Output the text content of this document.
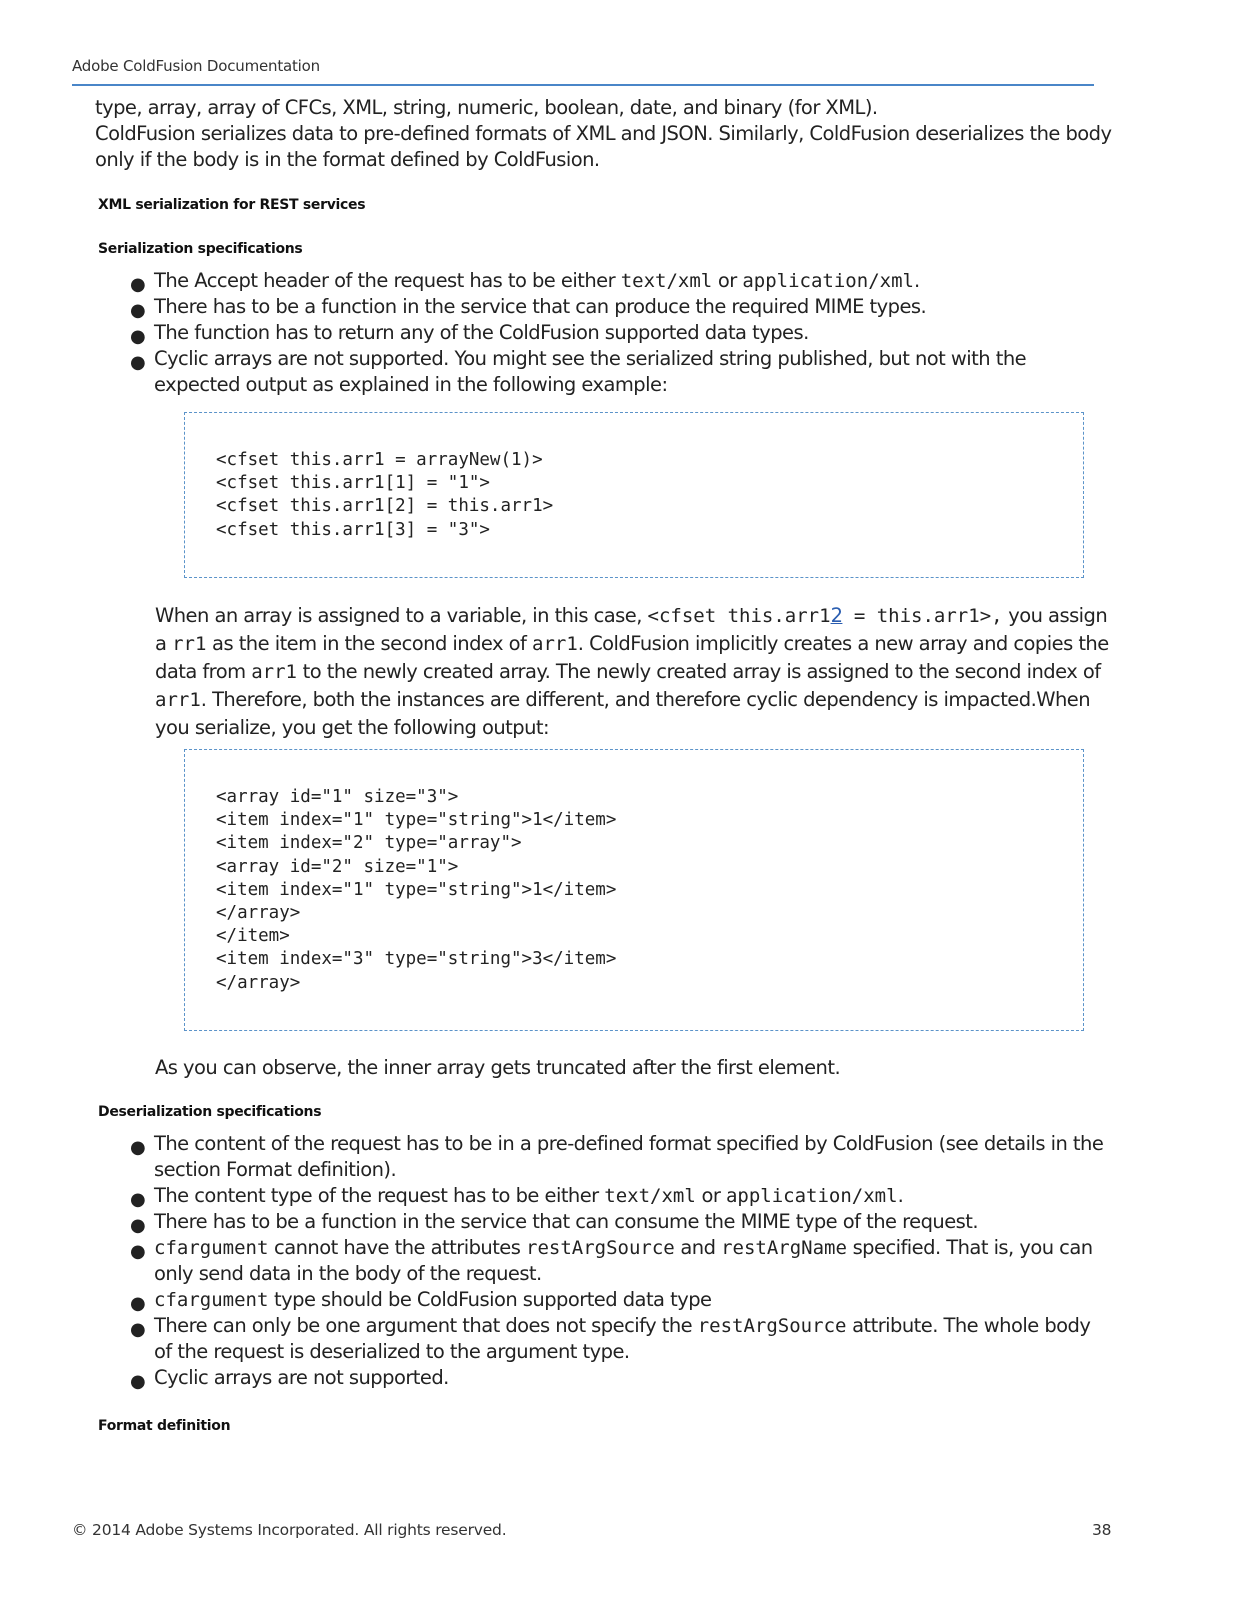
Adobe ColdFusion Documentation
type, array, array of CFCs, XML, string, numeric, boolean, date, and binary (for XML).
ColdFusion serializes data to pre-defined formats of XML and JSON. Similarly, ColdFusion deserializes the body only if the body is in the format defined by ColdFusion.
XML serialization for REST services
Serialization specifications
● The Accept header of the request has to be either text/xml or application/xml.
● There has to be a function in the service that can produce the required MIME types.
● The function has to return any of the ColdFusion supported data types.
● Cyclic arrays are not supported. You might see the serialized string published, but not with the expected output as explained in the following example:
<cfset this.arr1 = arrayNew(1)>
<cfset this.arr1[1] = "1">
<cfset this.arr1[2] = this.arr1>
<cfset this.arr1[3] = "3">
When an array is assigned to a variable, in this case, <cfset this.arr12 = this.arr1>, you assign a rr1 as the item in the second index of arr1. ColdFusion implicitly creates a new array and copies the data from arr1 to the newly created array. The newly created array is assigned to the second index of arr1. Therefore, both the instances are different, and therefore cyclic dependency is impacted.When you serialize, you get the following output:
<array id="1" size="3">
<item index="1" type="string">1</item>
<item index="2" type="array">
<array id="2" size="1">
<item index="1" type="string">1</item>
</array>
</item>
<item index="3" type="string">3</item>
</array>
As you can observe, the inner array gets truncated after the first element.
Deserialization specifications
● The content of the request has to be in a pre-defined format specified by ColdFusion (see details in the section Format definition).
● The content type of the request has to be either text/xml or application/xml.
● There has to be a function in the service that can consume the MIME type of the request.
● cfargument cannot have the attributes restArgSource and restArgName specified. That is, you can only send data in the body of the request.
● cfargument type should be ColdFusion supported data type
● There can only be one argument that does not specify the restArgSource attribute. The whole body of the request is deserialized to the argument type.
● Cyclic arrays are not supported.
Format definition
© 2014 Adobe Systems Incorporated. All rights reserved.	38
